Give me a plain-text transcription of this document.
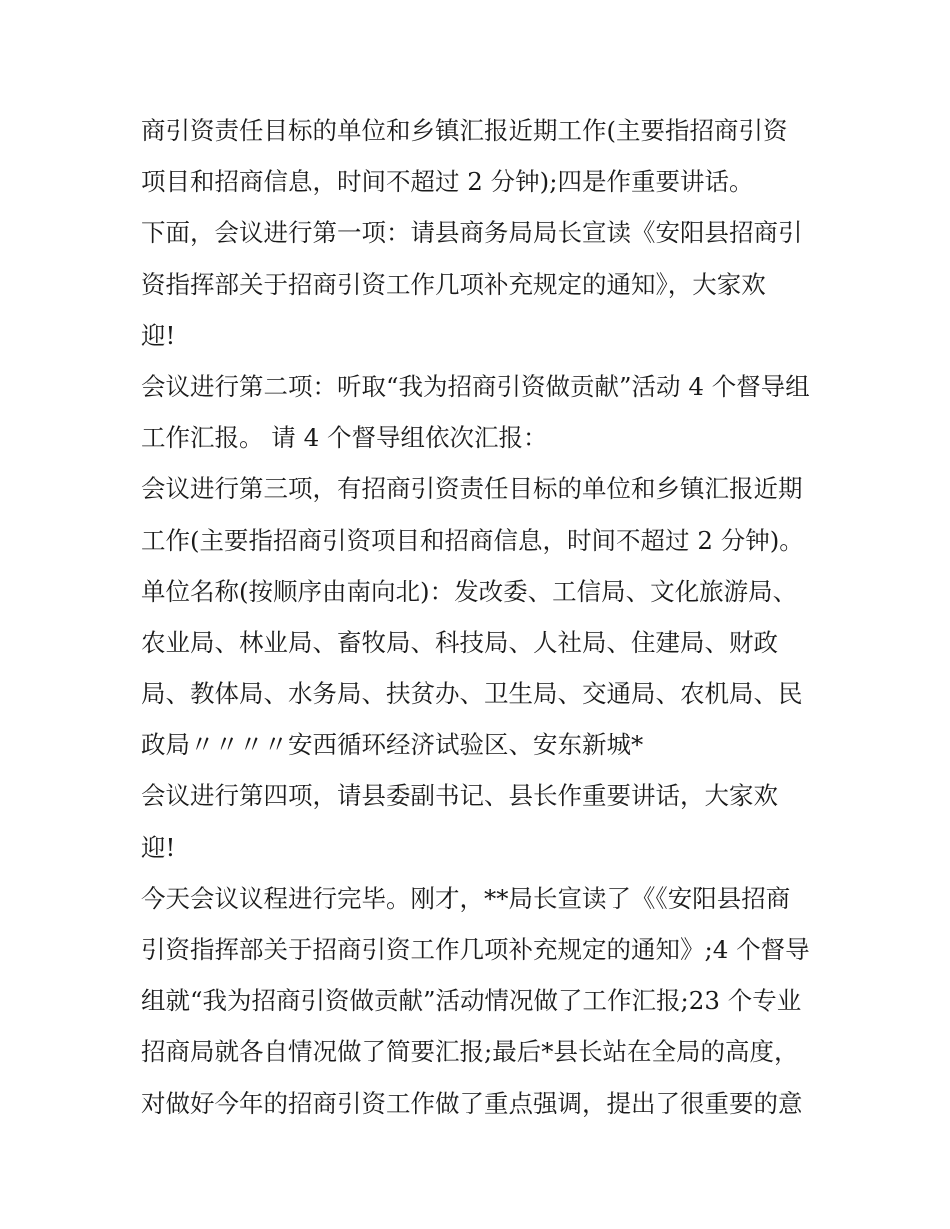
商引资责任目标的单位和乡镇汇报近期工作(主要指招商引资
项目和招商信息，时间不超过 2 分钟);四是作重要讲话。
下面，会议进行第一项：请县商务局局长宣读《安阳县招商引
资指挥部关于招商引资工作几项补充规定的通知》，大家欢
迎!
会议进行第二项：听取“我为招商引资做贡献”活动 4 个督导组
工作汇报。 请 4 个督导组依次汇报：
会议进行第三项，有招商引资责任目标的单位和乡镇汇报近期
工作(主要指招商引资项目和招商信息，时间不超过 2 分钟)。
单位名称(按顺序由南向北)：发改委、工信局、文化旅游局、
农业局、林业局、畜牧局、科技局、人社局、住建局、财政
局、教体局、水务局、扶贫办、卫生局、交通局、农机局、民
政局〃〃〃〃安西循环经济试验区、安东新城*
会议进行第四项，请县委副书记、县长作重要讲话，大家欢
迎!
今天会议议程进行完毕。刚才，**局长宣读了《《安阳县招商
引资指挥部关于招商引资工作几项补充规定的通知》;4 个督导
组就“我为招商引资做贡献”活动情况做了工作汇报;23 个专业
招商局就各自情况做了简要汇报;最后*县长站在全局的高度，
对做好今年的招商引资工作做了重点强调，提出了很重要的意
